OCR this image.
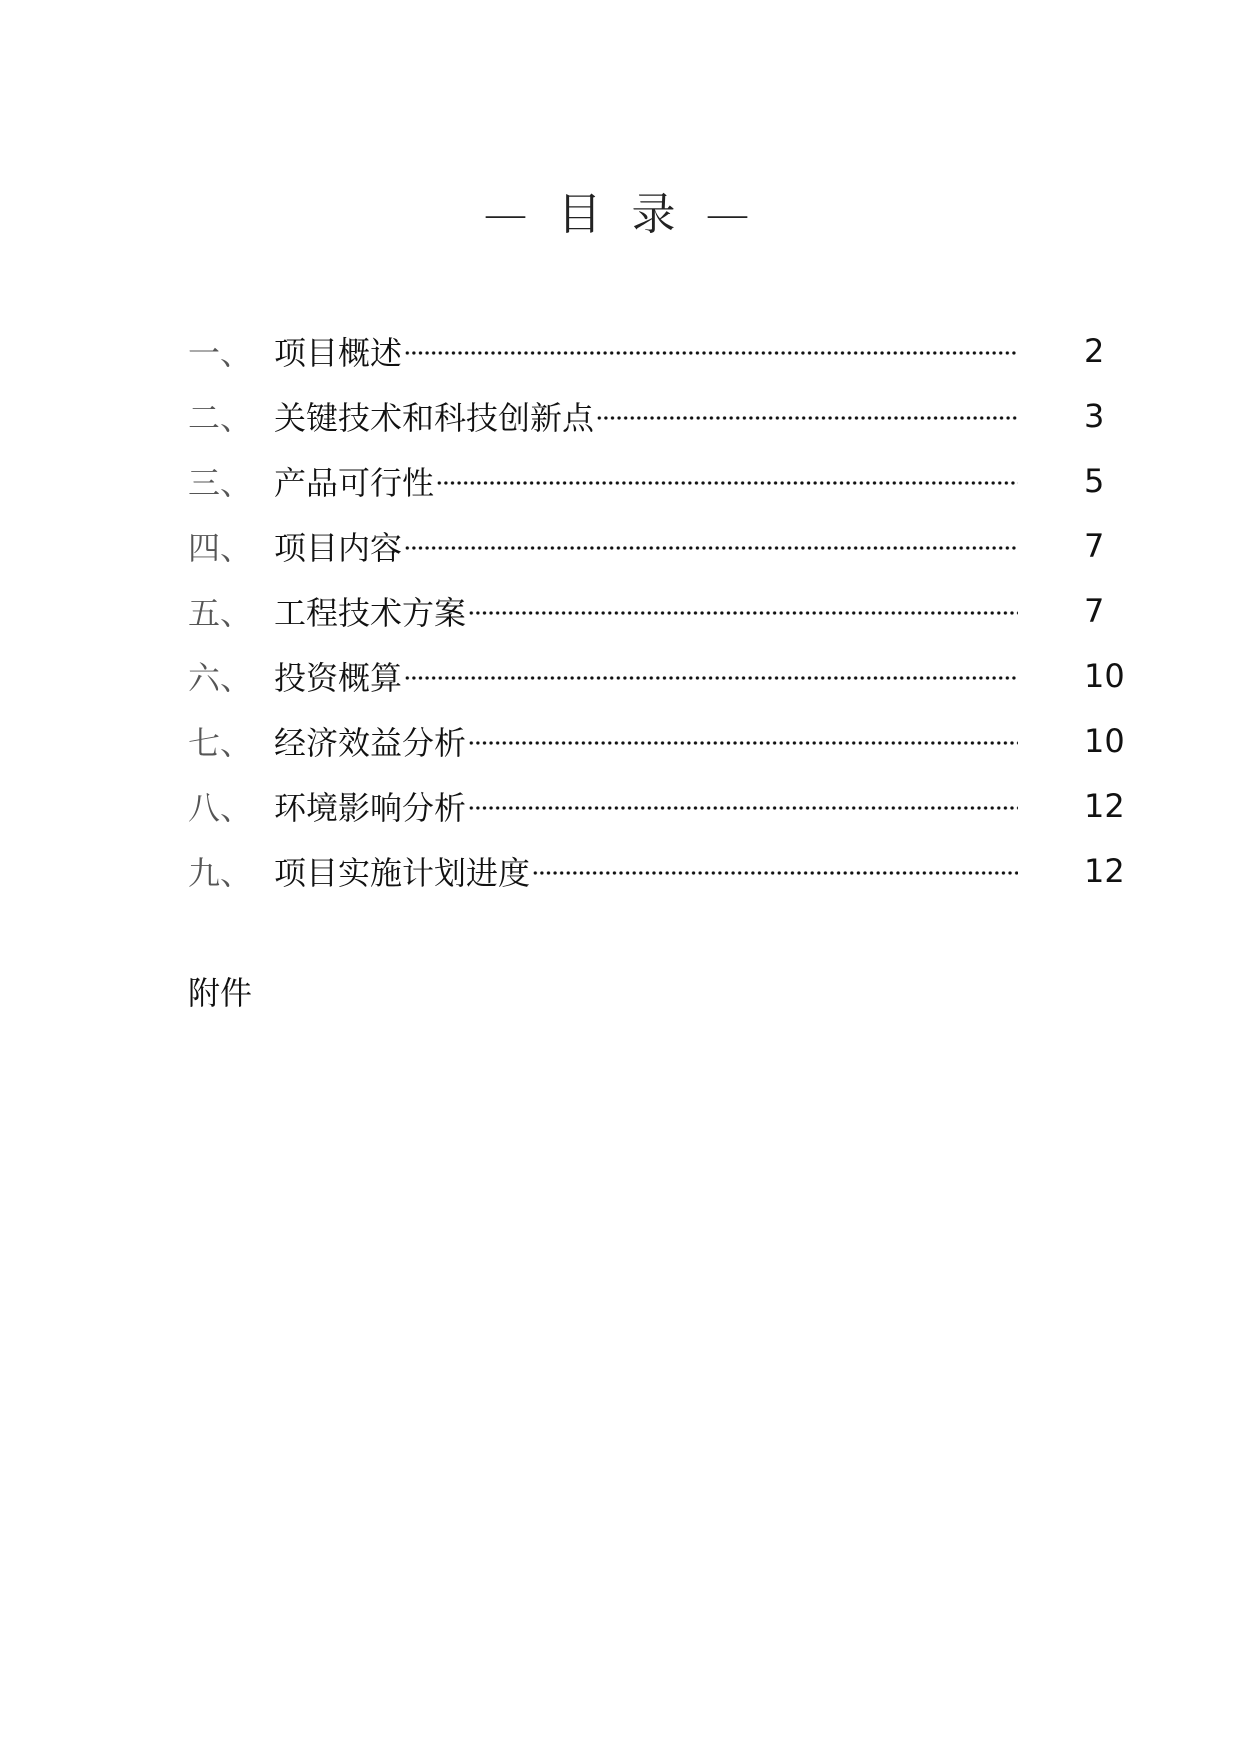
— 目 录 —
一、 项目概述	2
二、 关键技术和科技创新点	3
三、 产品可行性	5
四、 项目内容	7
五、 工程技术方案	7
六、 投资概算	10
七、 经济效益分析	10
八、 环境影响分析	12
九、 项目实施计划进度	12
附件
